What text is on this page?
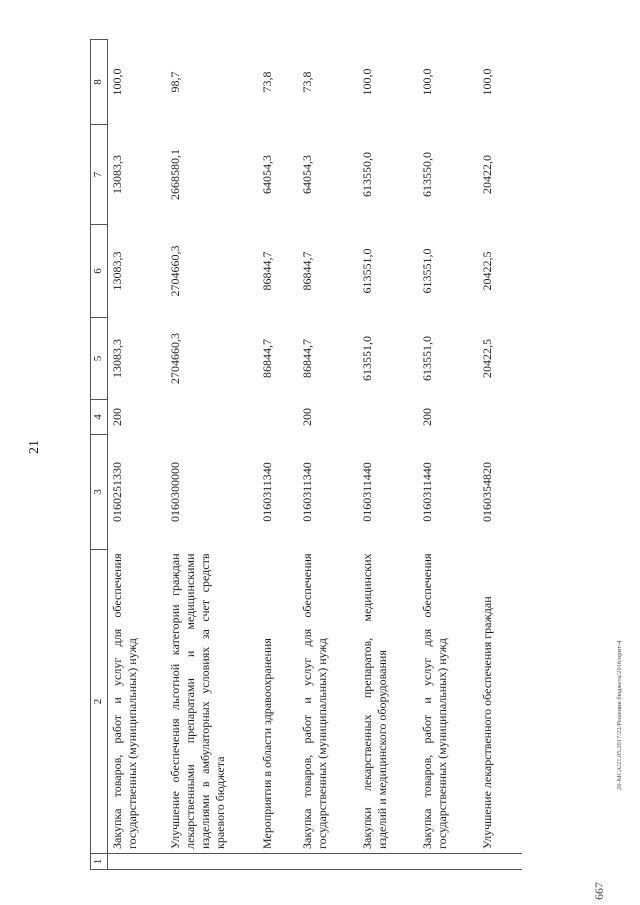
21
667
20-МСА/21.05.2017/22/Решения бюджета/2016/орит-4
1	2	3	4	5	6	7	8
	Закупка товаров, работ и услуг для обеспечения государственных (муниципальных) нужд	0160251330	200	13083,3	13083,3	13083,3	100,0
	Улучшение обеспечения льготной категории граждан лекарственными препаратами и медицинскими изделиями в амбулаторных условиях за счет средств краевого бюджета	0160300000		2704660,3	2704660,3	2668580,1	98,7
	Мероприятия в области здравоохранения	0160311340		86844,7	86844,7	64054,3	73,8
	Закупка товаров, работ и услуг для обеспечения государственных (муниципальных) нужд	0160311340	200	86844,7	86844,7	64054,3	73,8
	Закупки лекарственных препаратов, медицинских изделий и медицинского оборудования	0160311440		613551,0	613551,0	613550,0	100,0
	Закупка товаров, работ и услуг для обеспечения государственных (муниципальных) нужд	0160311440	200	613551,0	613551,0	613550,0	100,0
	Улучшение лекарственного обеспечения граждан	0160354820		20422,5	20422,5	20422,0	100,0
